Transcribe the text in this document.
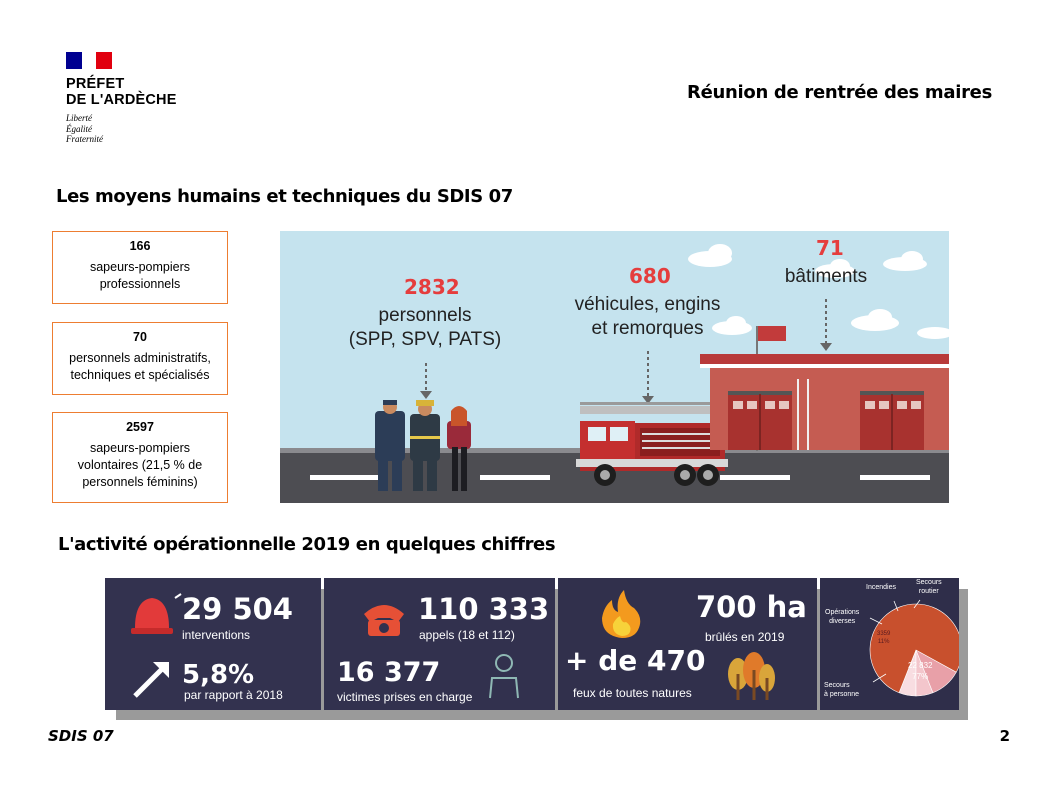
PRÉFET
DE L'ARDÈCHE
Liberté
Égalité
Fraternité
Réunion de rentrée des maires
Les moyens humains et techniques du SDIS 07
166
sapeurs-pompiers professionnels
70
personnels administratifs, techniques et spécialisés
2597
sapeurs-pompiers volontaires (21,5 % de personnels féminins)
2832
personnels
(SPP, SPV, PATS)
680
véhicules, engins
et remorques
71
bâtiments
L'activité opérationnelle 2019 en quelques chiffres
29 504
interventions
5,8%
par rapport à 2018
110 333
appels (18 et 112)
16 377
victimes prises en charge
700 ha
brûlés en 2019
+ de 470
feux de toutes natures
Incendies
Secours
routier
Opérations
diverses
3359
11%
22 832
77%
Secours
à personne
SDIS 07	2
